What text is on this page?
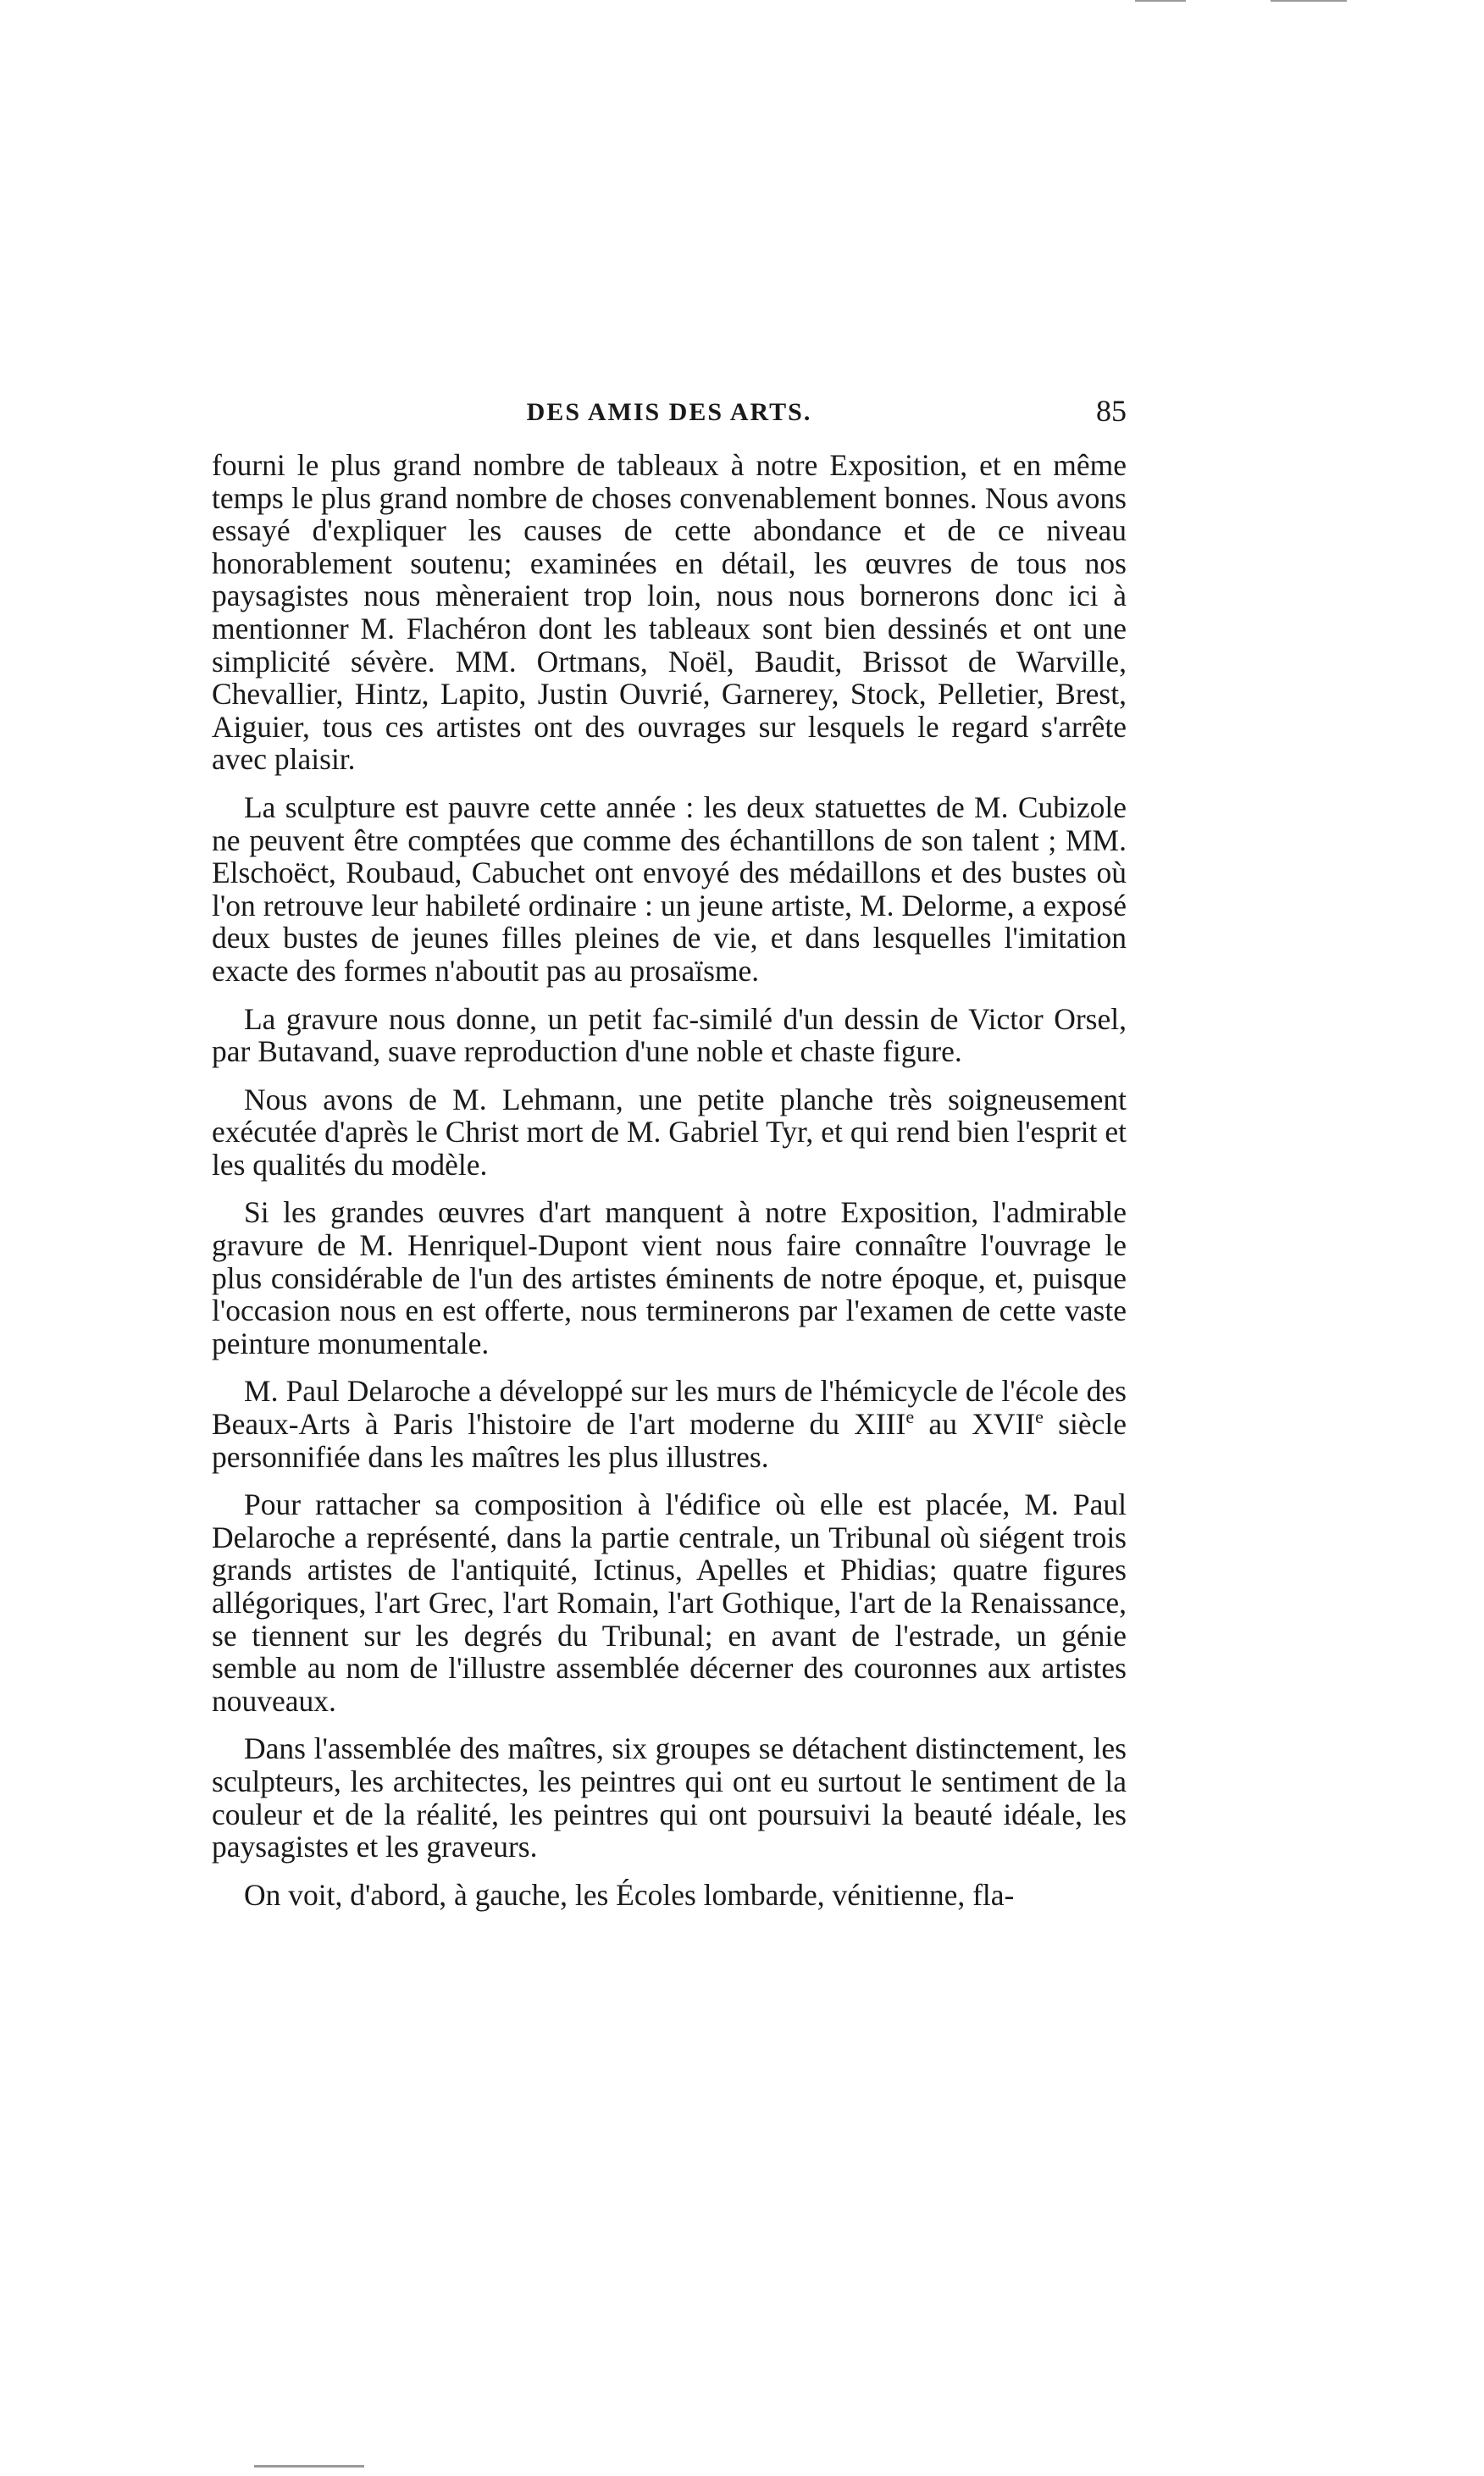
DES AMIS DES ARTS.	85

fourni le plus grand nombre de tableaux à notre Exposition, et en même temps le plus grand nombre de choses convenablement bonnes. Nous avons essayé d'expliquer les causes de cette abondance et de ce niveau honorablement soutenu; examinées en détail, les œuvres de tous nos paysagistes nous mèneraient trop loin, nous nous bornerons donc ici à mentionner M. Flachéron dont les tableaux sont bien dessinés et ont une simplicité sévère. MM. Ortmans, Noël, Baudit, Brissot de Warville, Chevallier, Hintz, Lapito, Justin Ouvrié, Garnerey, Stock, Pelletier, Brest, Aiguier, tous ces artistes ont des ouvrages sur lesquels le regard s'arrête avec plaisir.

La sculpture est pauvre cette année : les deux statuettes de M. Cubizole ne peuvent être comptées que comme des échantillons de son talent ; MM. Elschoëct, Roubaud, Cabuchet ont envoyé des médaillons et des bustes où l'on retrouve leur habileté ordinaire : un jeune artiste, M. Delorme, a exposé deux bustes de jeunes filles pleines de vie, et dans lesquelles l'imitation exacte des formes n'aboutit pas au prosaïsme.

La gravure nous donne, un petit fac-similé d'un dessin de Victor Orsel, par Butavand, suave reproduction d'une noble et chaste figure.

Nous avons de M. Lehmann, une petite planche très soigneusement exécutée d'après le Christ mort de M. Gabriel Tyr, et qui rend bien l'esprit et les qualités du modèle.

Si les grandes œuvres d'art manquent à notre Exposition, l'admirable gravure de M. Henriquel-Dupont vient nous faire connaître l'ouvrage le plus considérable de l'un des artistes éminents de notre époque, et, puisque l'occasion nous en est offerte, nous terminerons par l'examen de cette vaste peinture monumentale.

M. Paul Delaroche a développé sur les murs de l'hémicycle de l'école des Beaux-Arts à Paris l'histoire de l'art moderne du XIIIe au XVIIe siècle personnifiée dans les maîtres les plus illustres.

Pour rattacher sa composition à l'édifice où elle est placée, M. Paul Delaroche a représenté, dans la partie centrale, un Tribunal où siégent trois grands artistes de l'antiquité, Ictinus, Apelles et Phidias; quatre figures allégoriques, l'art Grec, l'art Romain, l'art Gothique, l'art de la Renaissance, se tiennent sur les degrés du Tribunal; en avant de l'estrade, un génie semble au nom de l'illustre assemblée décerner des couronnes aux artistes nouveaux.

Dans l'assemblée des maîtres, six groupes se détachent distinctement, les sculpteurs, les architectes, les peintres qui ont eu surtout le sentiment de la couleur et de la réalité, les peintres qui ont poursuivi la beauté idéale, les paysagistes et les graveurs.

On voit, d'abord, à gauche, les Écoles lombarde, vénitienne, fla-
